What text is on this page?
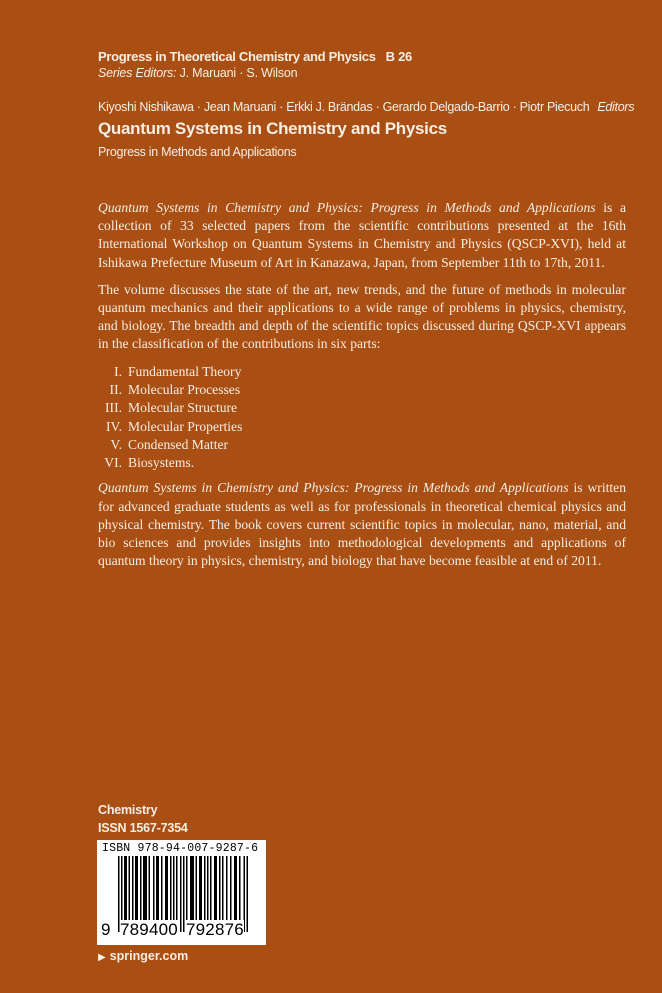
Progress in Theoretical Chemistry and Physics B 26
Series Editors: J. Maruani · S. Wilson
Kiyoshi Nishikawa · Jean Maruani · Erkki J. Brändas · Gerardo Delgado-Barrio · Piotr Piecuch Editors
Quantum Systems in Chemistry and Physics
Progress in Methods and Applications

Quantum Systems in Chemistry and Physics: Progress in Methods and Applications is a collection of 33 selected papers from the scientific contributions presented at the 16th International Workshop on Quantum Systems in Chemistry and Physics (QSCP-XVI), held at Ishikawa Prefecture Museum of Art in Kanazawa, Japan, from September 11th to 17th, 2011.

The volume discusses the state of the art, new trends, and the future of methods in molecular quantum mechanics and their applications to a wide range of problems in physics, chemistry, and biology. The breadth and depth of the scientific topics discussed during QSCP-XVI appears in the classification of the contributions in six parts:

I. Fundamental Theory
II. Molecular Processes
III. Molecular Structure
IV. Molecular Properties
V. Condensed Matter
VI. Biosystems.

Quantum Systems in Chemistry and Physics: Progress in Methods and Applications is written for advanced graduate students as well as for professionals in theoretical chemical physics and physical chemistry. The book covers current scientific topics in molecular, nano, material, and bio sciences and provides insights into methodological developments and applications of quantum theory in physics, chemistry, and biology that have become feasible at end of 2011.

Chemistry
ISSN 1567-7354
ISBN 978-94-007-9287-6
9 789400 792876
▶ springer.com
